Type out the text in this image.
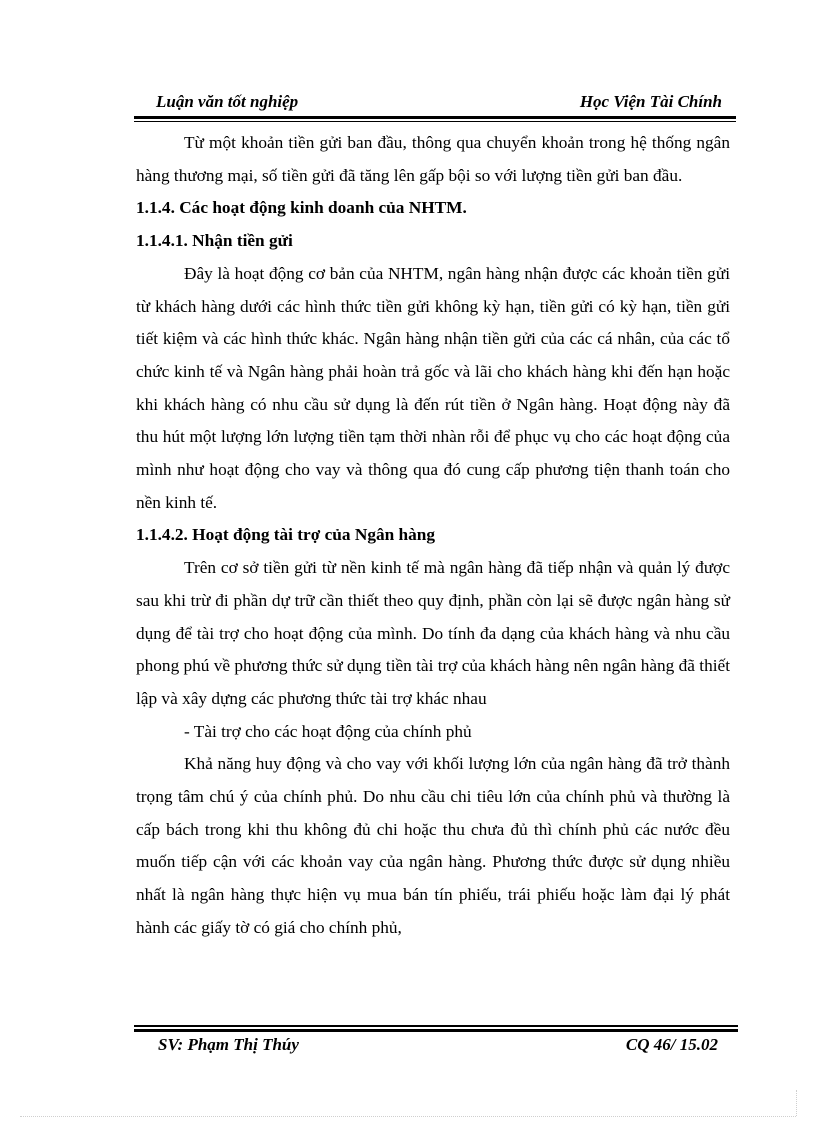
Luận văn tốt nghiệp	Học Viện Tài Chính

Từ một khoản tiền gửi ban đầu, thông qua chuyển khoản trong hệ thống ngân hàng thương mại, số tiền gửi đã tăng lên gấp bội so với lượng tiền gửi ban đầu.

1.1.4. Các hoạt động kinh doanh của NHTM.

1.1.4.1. Nhận tiền gửi

Đây là hoạt động cơ bản của NHTM, ngân hàng nhận được các khoản tiền gửi từ khách hàng dưới các hình thức tiền gửi không kỳ hạn, tiền gửi có kỳ hạn, tiền gửi tiết kiệm và các hình thức khác. Ngân hàng nhận tiền gửi của các cá nhân, của các tổ chức kinh tế và Ngân hàng phải hoàn trả gốc và lãi cho khách hàng khi đến hạn hoặc khi khách hàng có nhu cầu sử dụng là đến rút tiền ở Ngân hàng. Hoạt động này đã thu hút một lượng lớn lượng tiền tạm thời nhàn rỗi để phục vụ cho các hoạt động của mình như hoạt động cho vay và thông qua đó cung cấp phương tiện thanh toán cho nền kinh tế.

1.1.4.2. Hoạt động tài trợ của Ngân hàng

Trên cơ sở tiền gửi từ nền kinh tế mà ngân hàng đã tiếp nhận và quản lý được sau khi trừ đi phần dự trữ cần thiết theo quy định, phần còn lại sẽ được ngân hàng sử dụng để tài trợ cho hoạt động của mình. Do tính đa dạng của khách hàng và nhu cầu phong phú về phương thức sử dụng tiền tài trợ của khách hàng nên ngân hàng đã thiết lập và xây dựng các phương thức tài trợ khác nhau

- Tài trợ cho các hoạt động của chính phủ

Khả năng huy động và cho vay với khối lượng lớn của ngân hàng đã trở thành trọng tâm chú ý của chính phủ. Do nhu cầu chi tiêu lớn của chính phủ và thường là cấp bách trong khi thu không đủ chi hoặc thu chưa đủ thì chính phủ các nước đều muốn tiếp cận với các khoản vay của ngân hàng. Phương thức được sử dụng nhiều nhất là ngân hàng thực hiện vụ mua bán tín phiếu, trái phiếu hoặc làm đại lý phát hành các giấy tờ có giá cho chính phủ,

SV: Phạm Thị Thúy	CQ 46/ 15.02
